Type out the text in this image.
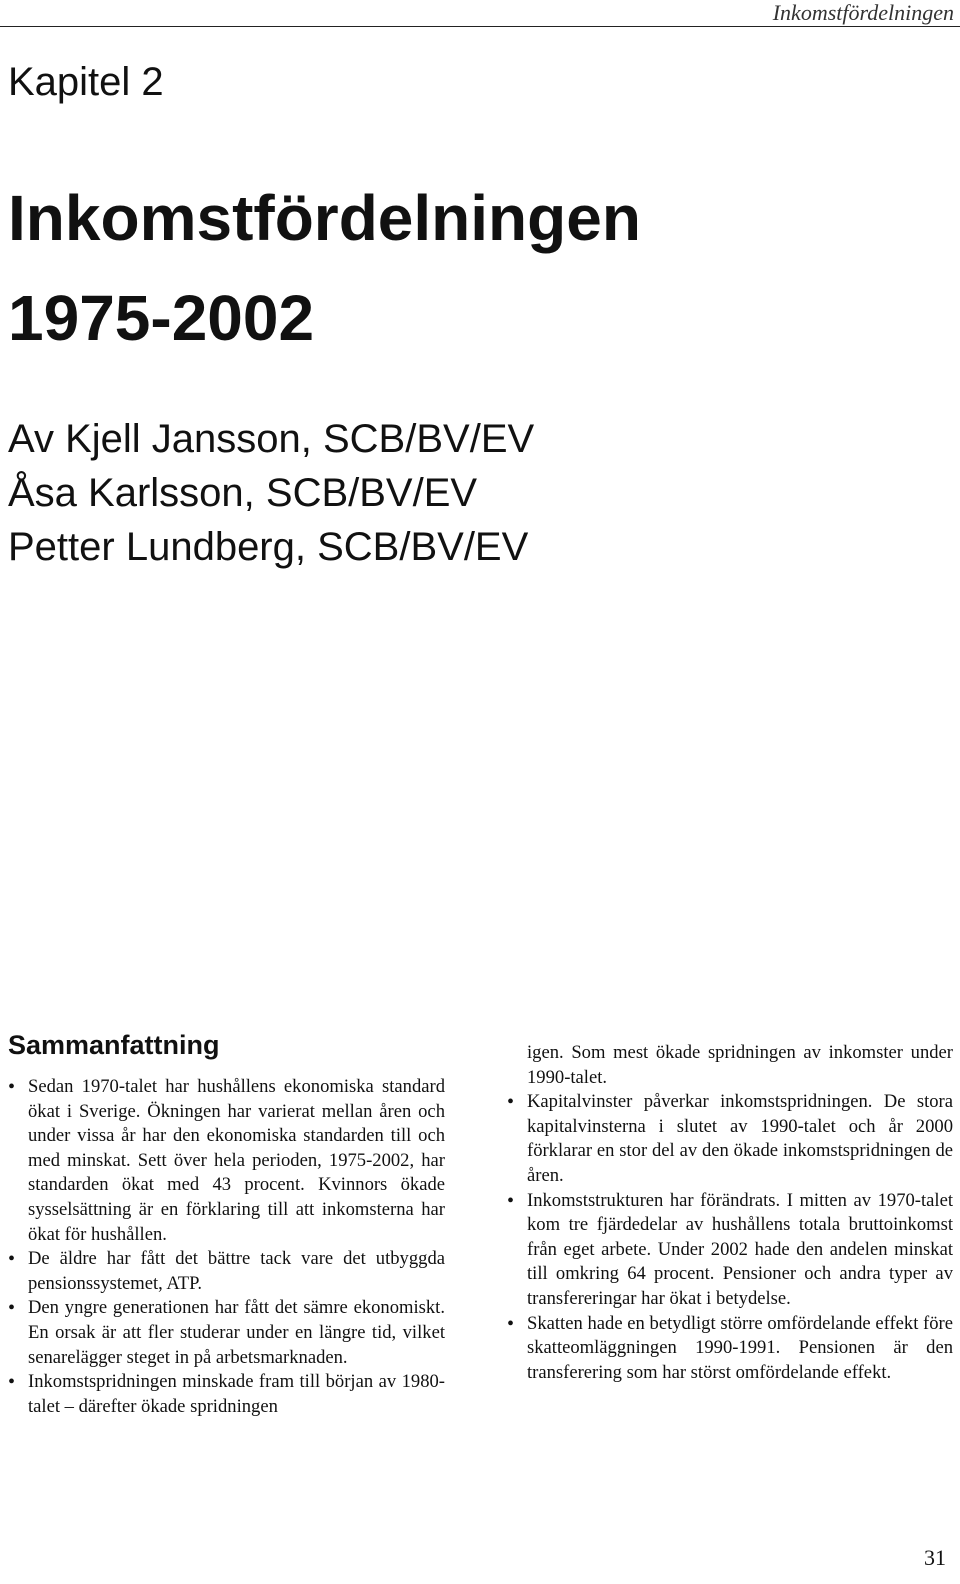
Inkomstfördelningen
Kapitel 2
Inkomstfördelningen
1975-2002
Av Kjell Jansson, SCB/BV/EV
Åsa Karlsson, SCB/BV/EV
Petter Lundberg, SCB/BV/EV
Sammanfattning
• Sedan 1970-talet har hushållens ekonomiska standard ökat i Sverige. Ökningen har varierat mellan åren och under vissa år har den ekonomiska standarden till och med minskat. Sett över hela perioden, 1975-2002, har standarden ökat med 43 procent. Kvinnors ökade sysselsättning är en förklaring till att inkomsterna har ökat för hushållen.
• De äldre har fått det bättre tack vare det utbyggda pensionssystemet, ATP.
• Den yngre generationen har fått det sämre ekonomiskt. En orsak är att fler studerar under en längre tid, vilket senarelägger steget in på arbetsmarknaden.
• Inkomstspridningen minskade fram till början av 1980-talet – därefter ökade spridningen

igen. Som mest ökade spridningen av inkomster under 1990-talet.

• Kapitalvinster påverkar inkomstspridningen. De stora kapitalvinsterna i slutet av 1990-talet och år 2000 förklarar en stor del av den ökade inkomstspridningen de åren.
• Inkomststrukturen har förändrats. I mitten av 1970-talet kom tre fjärdedelar av hushållens totala bruttoinkomst från eget arbete. Under 2002 hade den andelen minskat till omkring 64 procent. Pensioner och andra typer av transfereringar har ökat i betydelse.
• Skatten hade en betydligt större omfördelande effekt före skatteomläggningen 1990-1991. Pensionen är den transferering som har störst omfördelande effekt.
31
